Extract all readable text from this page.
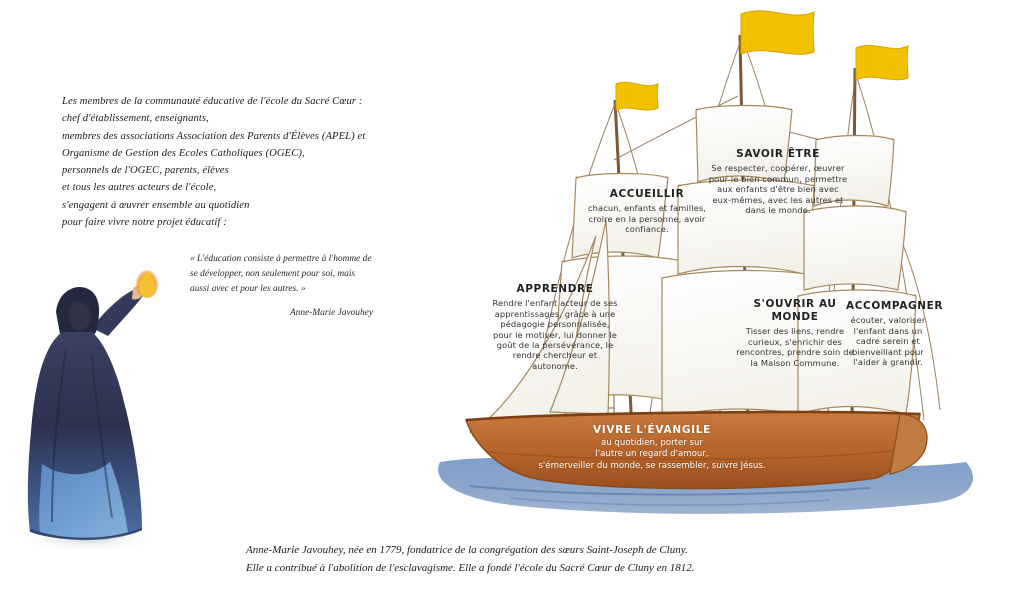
Les membres de la communauté éducative de l'école du Sacré Cœur :

chef d'établissement, enseignants,

membres des associations Association des Parents d'Élèves (APEL) et

Organisme de Gestion des Ecoles Catholiques (OGEC),

personnels de l'OGEC, parents, élèves

et tous les autres acteurs de l'école,

s'engagent à œuvrer ensemble au quotidien

pour faire vivre notre projet éducatif :

« L'éducation consiste à permettre à l'homme de se développer, non seulement pour soi, mais aussi avec et pour les autres. »

Anne-Marie Javouhey

Anne-Marie Javouhey, née en 1779, fondatrice de la congrégation des sœurs Saint-Joseph de Cluny.

Elle a contribué à l'abolition de l'esclavagisme. Elle a fondé l'école du Sacré Cœur de Cluny en 1812.

SAVOIR ÊTRE
Se respecter, coopérer, œuvrer pour le bien commun, permettre aux enfants d'être bien avec eux-mêmes, avec les autres et dans le monde.
ACCUEILLIR
chacun, enfants et familles, croire en la personne, avoir confiance.
APPRENDRE
Rendre l'enfant acteur de ses apprentissages, grâce à une pédagogie personnalisée, pour le motiver, lui donner le goût de la persévérance, le rendre chercheur et autonome.
S'OUVRIR AU MONDE
Tisser des liens, rendre curieux, s'enrichir des rencontres, prendre soin de la Maison Commune.
ACCOMPAGNER
écouter, valoriser l'enfant dans un cadre serein et bienveillant pour l'aider à grandir.
VIVRE L'ÉVANGILE
au quotidien, porter sur
l'autre un regard d'amour,
s'émerveiller du monde, se rassembler, suivre Jésus.
